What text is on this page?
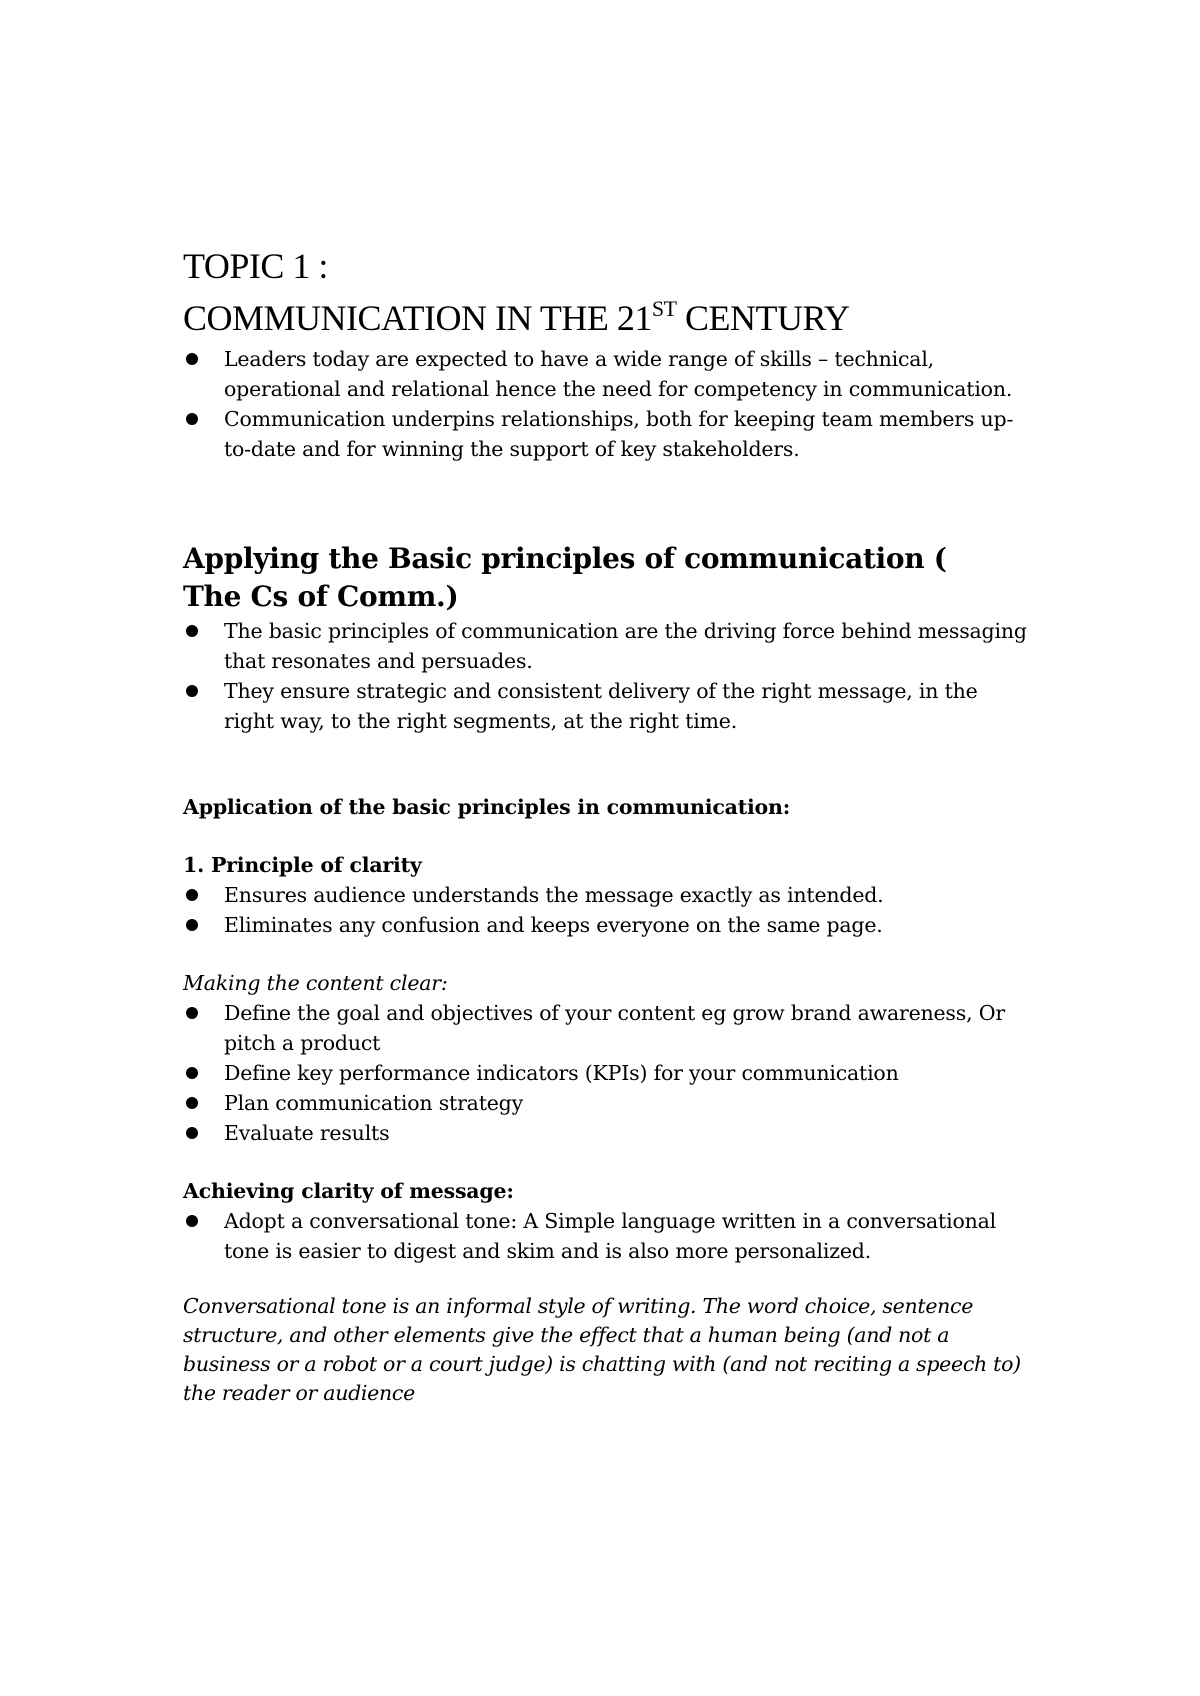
TOPIC 1 :
COMMUNICATION IN THE 21ST CENTURY
Leaders today are expected to have a wide range of skills – technical, operational and relational hence the need for competency in communication.
Communication underpins relationships, both for keeping team members up-to-date and for winning the support of key stakeholders.
Applying the Basic principles of communication ( The Cs of Comm.)
The basic principles of communication are the driving force behind messaging that resonates and persuades.
They ensure strategic and consistent delivery of the right message, in the right way, to the right segments, at the right time.
Application of the basic principles in communication:
1. Principle of clarity
Ensures audience understands the message exactly as intended.
Eliminates any confusion and keeps everyone on the same page.
Making the content clear:
Define the goal and objectives of your content eg grow brand awareness, Or pitch a product
Define key performance indicators (KPIs) for your communication
Plan communication strategy
Evaluate results
Achieving clarity of message:
Adopt a conversational tone: A Simple language written in a conversational tone is easier to digest and skim and is also more personalized.

Conversational tone is an informal style of writing. The word choice, sentence structure, and other elements give the effect that a human being (and not a business or a robot or a court judge) is chatting with (and not reciting a speech to) the reader or audience
